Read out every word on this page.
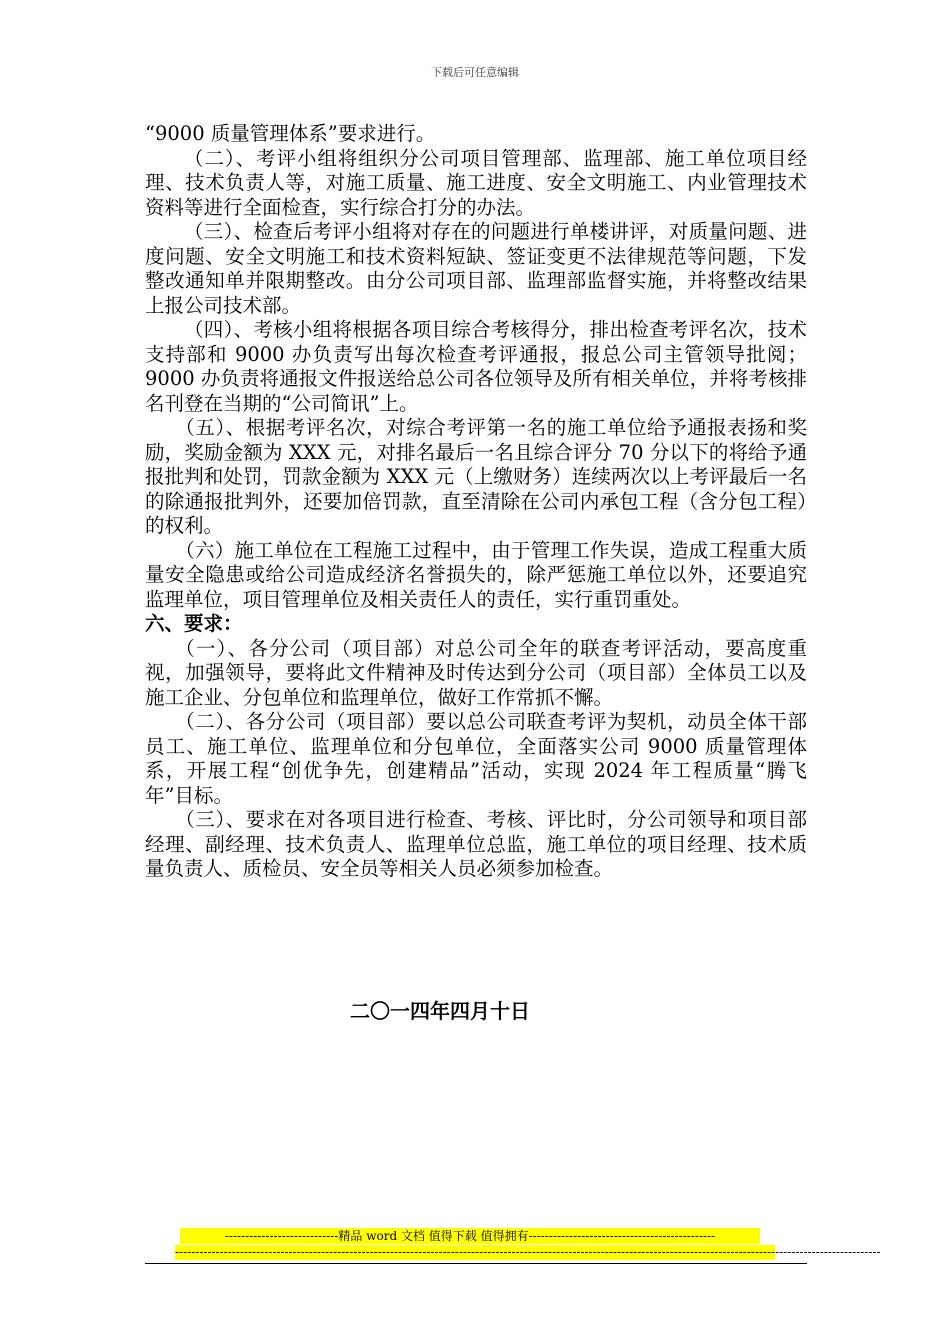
下载后可任意编辑

“9000 质量管理体系”要求进行。

（二）、考评小组将组织分公司项目管理部、监理部、施工单位项目经理、技术负责人等，对施工质量、施工进度、安全文明施工、内业管理技术资料等进行全面检查，实行综合打分的办法。

（三）、检查后考评小组将对存在的问题进行单楼讲评，对质量问题、进度问题、安全文明施工和技术资料短缺、签证变更不法律规范等问题，下发整改通知单并限期整改。由分公司项目部、监理部监督实施，并将整改结果上报公司技术部。

（四）、考核小组将根据各项目综合考核得分，排出检查考评名次，技术支持部和 9000 办负责写出每次检查考评通报，报总公司主管领导批阅；9000 办负责将通报文件报送给总公司各位领导及所有相关单位，并将考核排名刊登在当期的“公司简讯”上。

（五）、根据考评名次，对综合考评第一名的施工单位给予通报表扬和奖励，奖励金额为 XXX 元，对排名最后一名且综合评分 70 分以下的将给予通报批判和处罚，罚款金额为 XXX 元（上缴财务）连续两次以上考评最后一名的除通报批判外，还要加倍罚款，直至清除在公司内承包工程（含分包工程）的权利。

（六）施工单位在工程施工过程中，由于管理工作失误，造成工程重大质量安全隐患或给公司造成经济名誉损失的，除严惩施工单位以外，还要追究监理单位，项目管理单位及相关责任人的责任，实行重罚重处。

六、要求：

（一）、各分公司（项目部）对总公司全年的联查考评活动，要高度重视，加强领导，要将此文件精神及时传达到分公司（项目部）全体员工以及施工企业、分包单位和监理单位，做好工作常抓不懈。

（二）、各分公司（项目部）要以总公司联查考评为契机，动员全体干部员工、施工单位、监理单位和分包单位，全面落实公司 9000 质量管理体系，开展工程“创优争先，创建精品”活动，实现 2024 年工程质量“腾飞年”目标。

（三）、要求在对各项目进行检查、考核、评比时，分公司领导和项目部经理、副经理、技术负责人、监理单位总监，施工单位的项目经理、技术质量负责人、质检员、安全员等相关人员必须参加检查。

二〇一四年四月十日
----------------------------精品 word 文档 值得下载 值得拥有----------------------------------------------
------------------------------------------------------------------------------------------------------------------------------------------------------------------------------
